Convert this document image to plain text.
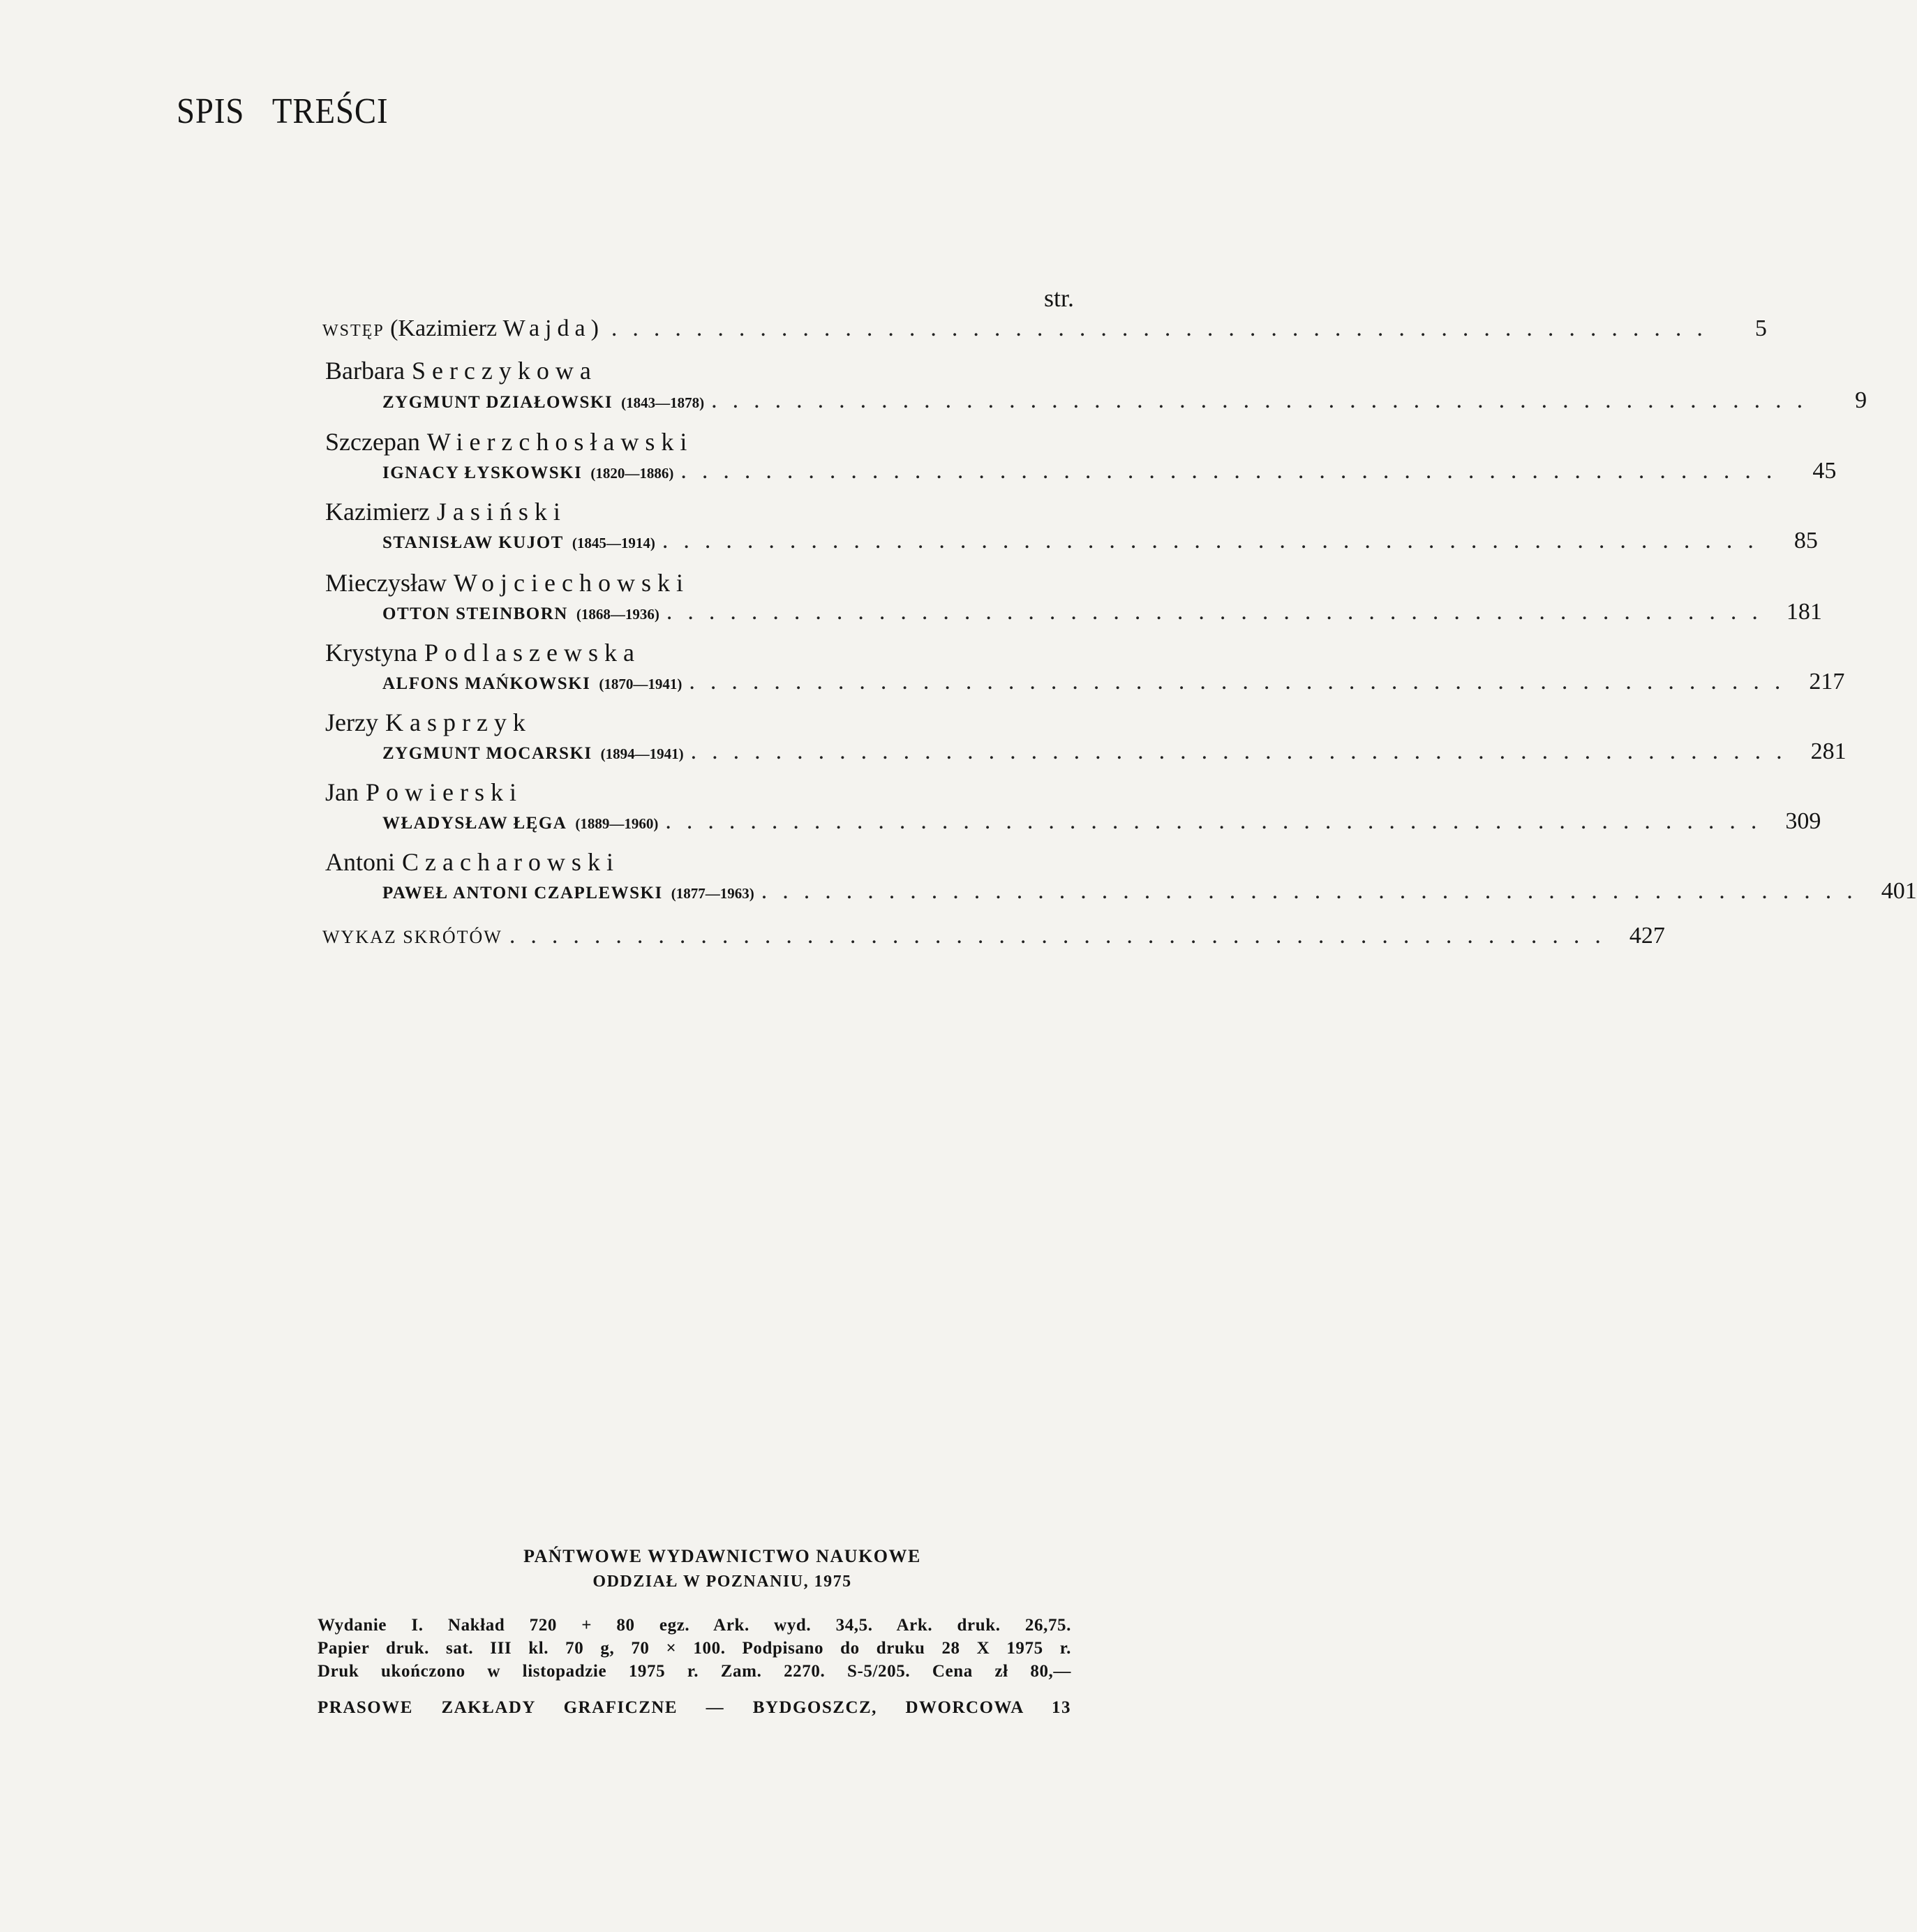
SPIS TREŚCI
str.
WSTĘP (Kazimierz Wajda) ....................................................	5
Barbara Serczykowa
ZYGMUNT DZIAŁOWSKI (1843—1878) ....................................................	9
Szczepan Wierzchosławski
IGNACY ŁYSKOWSKI (1820—1886) ....................................................	45
Kazimierz Jasiński
STANISŁAW KUJOT (1845—1914) ....................................................	85
Mieczysław Wojciechowski
OTTON STEINBORN (1868—1936) .................................................... 181
Krystyna Podlaszewska
ALFONS MAŃKOWSKI (1870—1941) .................................................... 217
Jerzy Kasprzyk
ZYGMUNT MOCARSKI (1894—1941) .................................................... 281
Jan Powierski
WŁADYSŁAW ŁĘGA (1889—1960) .................................................... 309
Antoni Czacharowski
PAWEŁ ANTONI CZAPLEWSKI (1877—1963) .................................................... 401
WYKAZ SKRÓTÓW .................................................... 427
PAŃTWOWE WYDAWNICTWO NAUKOWE
ODDZIAŁ W POZNANIU, 1975
Wydanie I. Nakład 720 + 80 egz. Ark. wyd. 34,5. Ark. druk. 26,75.
Papier druk. sat. III kl. 70 g, 70 × 100. Podpisano do druku 28 X 1975 r.
Druk ukończono w listopadzie 1975 r. Zam. 2270. S-5/205. Cena zł 80,—
PRASOWE ZAKŁADY GRAFICZNE — BYDGOSZCZ, DWORCOWA 13
